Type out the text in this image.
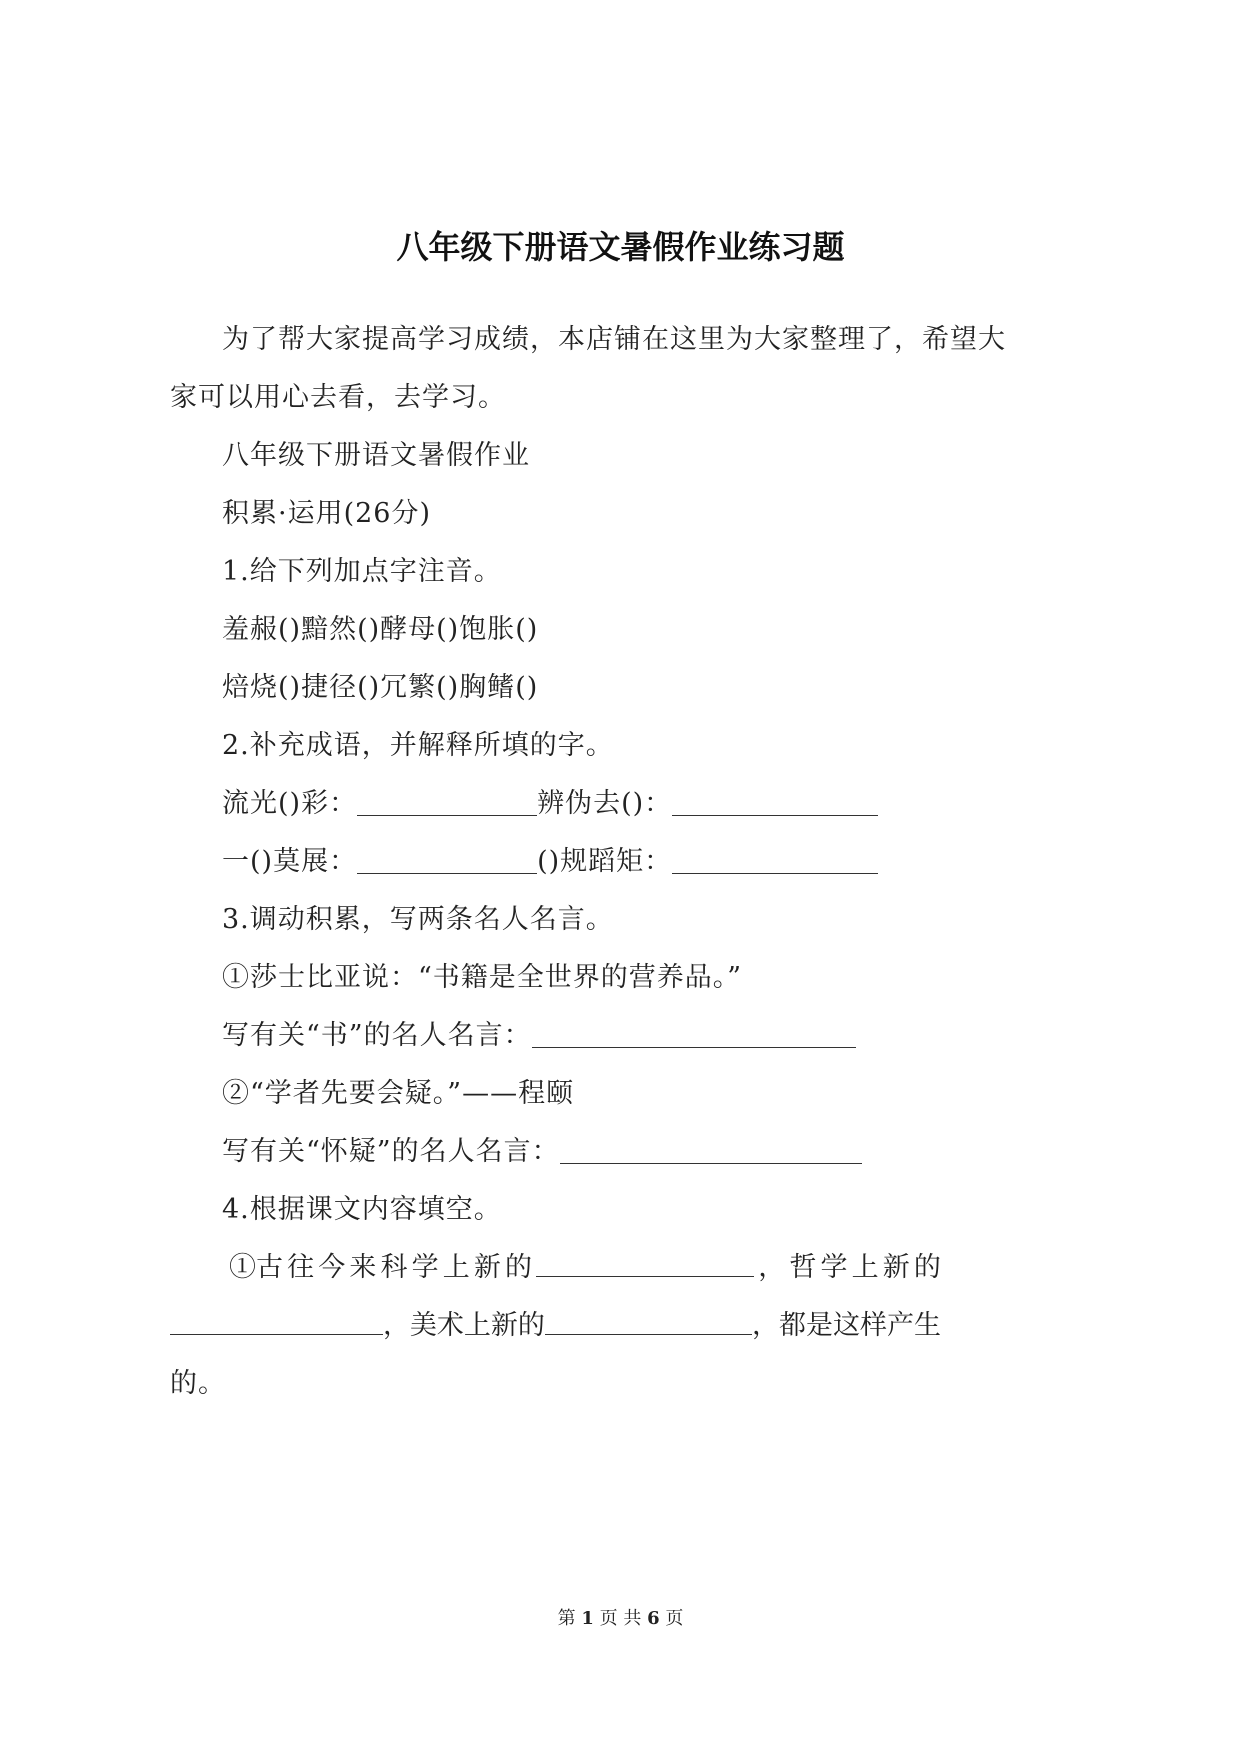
八年级下册语文暑假作业练习题
为了帮大家提高学习成绩，本店铺在这里为大家整理了，希望大
家可以用心去看，去学习。
八年级下册语文暑假作业
积累·运用(26分)
1.给下列加点字注音。
羞赧()黯然()酵母()饱胀()
焙烧()捷径()冗繁()胸鳍()
2.补充成语，并解释所填的字。
流光()彩：	辨伪去()：
一()莫展：	()规蹈矩：
3.调动积累，写两条名人名言。
①莎士比亚说：“书籍是全世界的营养品。”
写有关“书”的名人名言：
②“学者先要会疑。”——程颐
写有关“怀疑”的名人名言：
4.根据课文内容填空。
①古 往 今 来 科 学 上 新 的	， 哲 学 上 新 的
，美术上新的	，都是这样产生
的。
第 1 页 共 6 页
